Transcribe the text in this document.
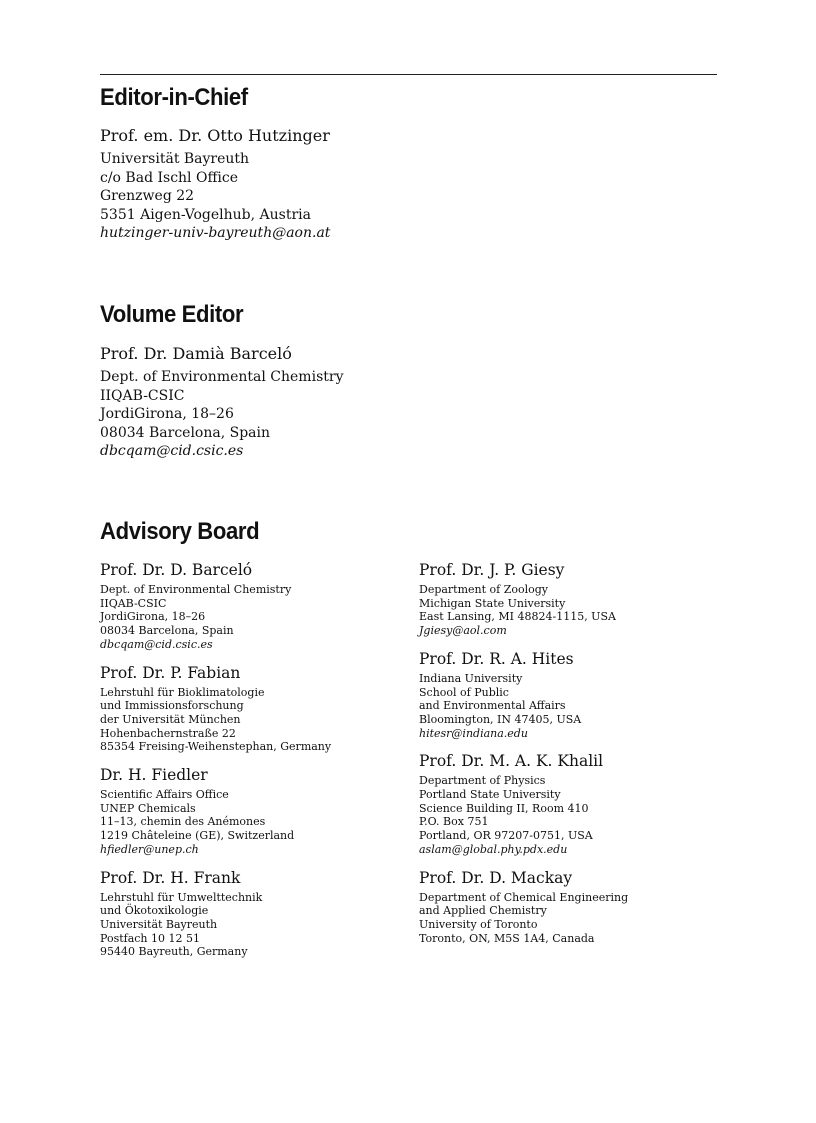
Editor-in-Chief

Prof. em. Dr. Otto Hutzinger

Universität Bayreuth

c/o Bad Ischl Office

Grenzweg 22

5351 Aigen-Vogelhub, Austria

hutzinger-univ-bayreuth@aon.at

Volume Editor

Prof. Dr. Damià Barceló

Dept. of Environmental Chemistry

IIQAB-CSIC

JordiGirona, 18–26

08034 Barcelona, Spain

dbcqam@cid.csic.es

Advisory Board

Prof. Dr. D. Barceló

Dept. of Environmental Chemistry

IIQAB-CSIC

JordiGirona, 18–26

08034 Barcelona, Spain

dbcqam@cid.csic.es

Prof. Dr. P. Fabian

Lehrstuhl für Bioklimatologie

und Immissionsforschung

der Universität München

Hohenbachernstraße 22

85354 Freising-Weihenstephan, Germany

Dr. H. Fiedler

Scientific Affairs Office

UNEP Chemicals

11–13, chemin des Anémones

1219 Châteleine (GE), Switzerland

hfiedler@unep.ch

Prof. Dr. H. Frank

Lehrstuhl für Umwelttechnik

und Ökotoxikologie

Universität Bayreuth

Postfach 10 12 51

95440 Bayreuth, Germany

Prof. Dr. J. P. Giesy

Department of Zoology

Michigan State University

East Lansing, MI 48824-1115, USA

Jgiesy@aol.com

Prof. Dr. R. A. Hites

Indiana University

School of Public

and Environmental Affairs

Bloomington, IN 47405, USA

hitesr@indiana.edu

Prof. Dr. M. A. K. Khalil

Department of Physics

Portland State University

Science Building II, Room 410

P.O. Box 751

Portland, OR 97207-0751, USA

aslam@global.phy.pdx.edu

Prof. Dr. D. Mackay

Department of Chemical Engineering

and Applied Chemistry

University of Toronto

Toronto, ON, M5S 1A4, Canada
